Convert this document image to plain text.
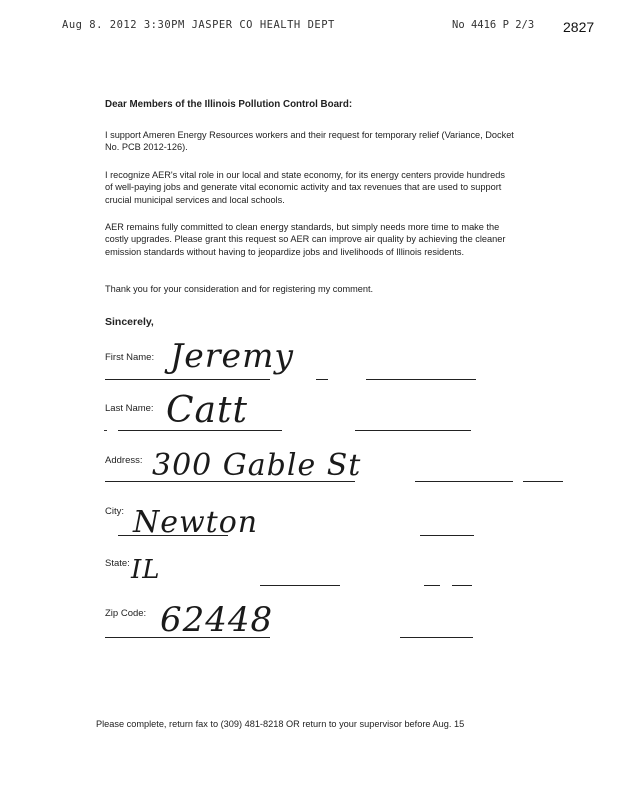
Aug 8. 2012 3:30PM JASPER CO HEALTH DEPT	No 4416 P 2/3 2827
Dear Members of the Illinois Pollution Control Board:
I support Ameren Energy Resources workers and their request for temporary relief (Variance, Docket No. PCB 2012-126).
I recognize AER's vital role in our local and state economy, for its energy centers provide hundreds of well-paying jobs and generate vital economic activity and tax revenues that are used to support crucial municipal services and local schools.
AER remains fully committed to clean energy standards, but simply needs more time to make the costly upgrades. Please grant this request so AER can improve air quality by achieving the cleaner emission standards without having to jeopardize jobs and livelihoods of Illinois residents.
Thank you for your consideration and for registering my comment.
Sincerely,
First Name: Jeremy
Last Name: Catt
Address: 300 Gable St
City: Newton
State: IL
Zip Code: 62448
Please complete, return fax to (309) 481-8218 OR return to your supervisor before Aug. 15
